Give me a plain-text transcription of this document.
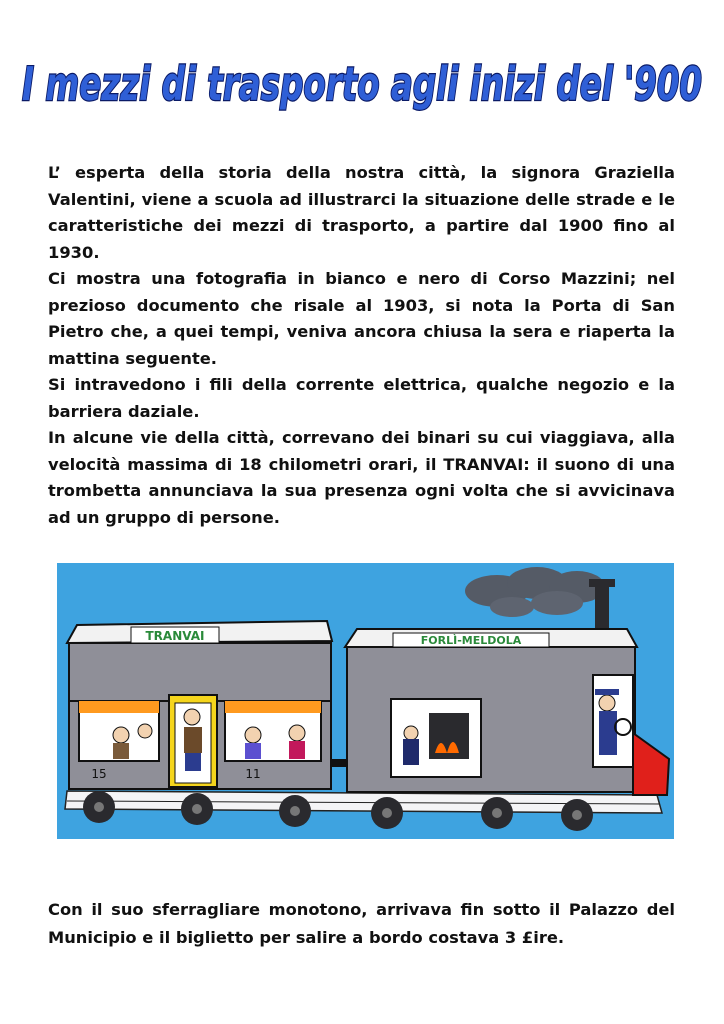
I mezzi di trasporto agli inizi del '900

L’ esperta della storia della nostra città, la signora Graziella Valentini, viene a scuola ad illustrarci la situazione delle strade e le caratteristiche dei mezzi di trasporto, a partire dal 1900 fino al 1930.

Ci mostra una fotografia in bianco e nero di Corso Mazzini; nel prezioso documento che risale al 1903, si nota la Porta di San Pietro che, a quei tempi, veniva ancora chiusa la sera e riaperta la mattina seguente.

Si intravedono i fili della corrente elettrica, qualche negozio e la barriera daziale.

In alcune vie della città, correvano dei binari su cui viaggiava, alla velocità massima di 18 chilometri orari, il TRANVAI: il suono di una trombetta annunciava la sua presenza ogni volta che si avvicinava ad un gruppo di persone.

TRANVAI
15	11
FORLÌ-MELDOLA
Con il suo sferragliare monotono, arrivava fin sotto il Palazzo del Municipio e il biglietto per salire a bordo costava 3 £ire.
